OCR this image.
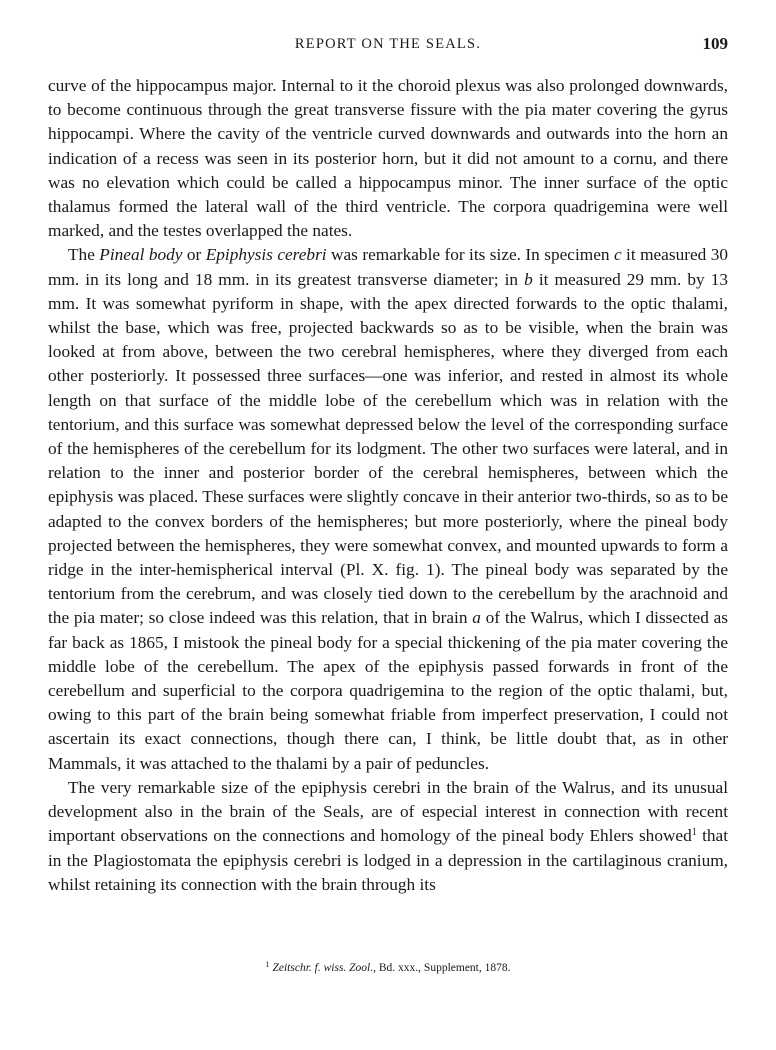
REPORT ON THE SEALS.	109

curve of the hippocampus major. Internal to it the choroid plexus was also prolonged downwards, to become continuous through the great transverse fissure with the pia mater covering the gyrus hippocampi. Where the cavity of the ventricle curved downwards and outwards into the horn an indication of a recess was seen in its posterior horn, but it did not amount to a cornu, and there was no elevation which could be called a hippocampus minor. The inner surface of the optic thalamus formed the lateral wall of the third ventricle. The corpora quadrigemina were well marked, and the testes overlapped the nates.

The Pineal body or Epiphysis cerebri was remarkable for its size. In specimen c it measured 30 mm. in its long and 18 mm. in its greatest transverse diameter; in b it measured 29 mm. by 13 mm. It was somewhat pyriform in shape, with the apex directed forwards to the optic thalami, whilst the base, which was free, projected backwards so as to be visible, when the brain was looked at from above, between the two cerebral hemispheres, where they diverged from each other posteriorly. It possessed three surfaces—one was inferior, and rested in almost its whole length on that surface of the middle lobe of the cerebellum which was in relation with the tentorium, and this surface was somewhat depressed below the level of the corresponding surface of the hemispheres of the cerebellum for its lodgment. The other two surfaces were lateral, and in relation to the inner and posterior border of the cerebral hemispheres, between which the epiphysis was placed. These surfaces were slightly concave in their anterior two-thirds, so as to be adapted to the convex borders of the hemispheres; but more posteriorly, where the pineal body projected between the hemispheres, they were somewhat convex, and mounted upwards to form a ridge in the inter-hemispherical interval (Pl. X. fig. 1). The pineal body was separated by the tentorium from the cerebrum, and was closely tied down to the cerebellum by the arachnoid and the pia mater; so close indeed was this relation, that in brain a of the Walrus, which I dissected as far back as 1865, I mistook the pineal body for a special thickening of the pia mater covering the middle lobe of the cerebellum. The apex of the epiphysis passed forwards in front of the cerebellum and superficial to the corpora quadrigemina to the region of the optic thalami, but, owing to this part of the brain being somewhat friable from imperfect preservation, I could not ascertain its exact connections, though there can, I think, be little doubt that, as in other Mammals, it was attached to the thalami by a pair of peduncles.

The very remarkable size of the epiphysis cerebri in the brain of the Walrus, and its unusual development also in the brain of the Seals, are of especial interest in connection with recent important observations on the connections and homology of the pineal body Ehlers showed$^1$ that in the Plagiostomata the epiphysis cerebri is lodged in a depression in the cartilaginous cranium, whilst retaining its connection with the brain through its

$^1$ Zeitschr. f. wiss. Zool., Bd. xxx., Supplement, 1878.
